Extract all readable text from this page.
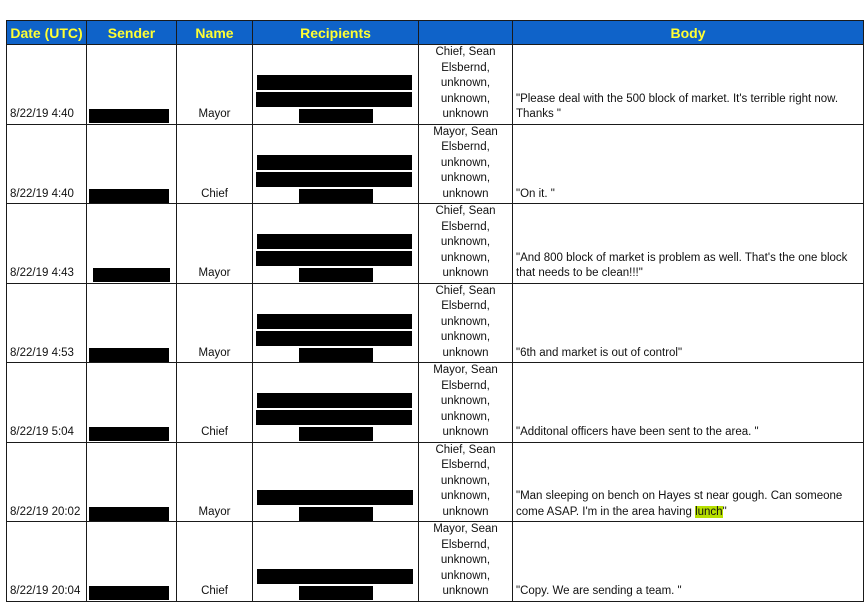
Date (UTC)	Sender	Name	Recipients		Body
8/22/19 4:40		Mayor		Chief, Sean
Elsbernd,
unknown,
unknown,
unknown	"Please deal with the 500 block of market. It's terrible right now. Thanks "
8/22/19 4:40		Chief		Mayor, Sean
Elsbernd,
unknown,
unknown,
unknown	"On it. "
8/22/19 4:43		Mayor		Chief, Sean
Elsbernd,
unknown,
unknown,
unknown	"And 800 block of market is problem as well. That's the one block that needs to be clean!!!"
8/22/19 4:53		Mayor		Chief, Sean
Elsbernd,
unknown,
unknown,
unknown	"6th and market is out of control"
8/22/19 5:04		Chief		Mayor, Sean
Elsbernd,
unknown,
unknown,
unknown	"Additonal officers have been sent to the area. "
8/22/19 20:02		Mayor		Chief, Sean
Elsbernd,
unknown,
unknown,
unknown	"Man sleeping on bench on Hayes st near gough. Can someone come ASAP. I'm in the area having lunch"
8/22/19 20:04		Chief		Mayor, Sean
Elsbernd,
unknown,
unknown,
unknown	"Copy. We are sending a team. "
